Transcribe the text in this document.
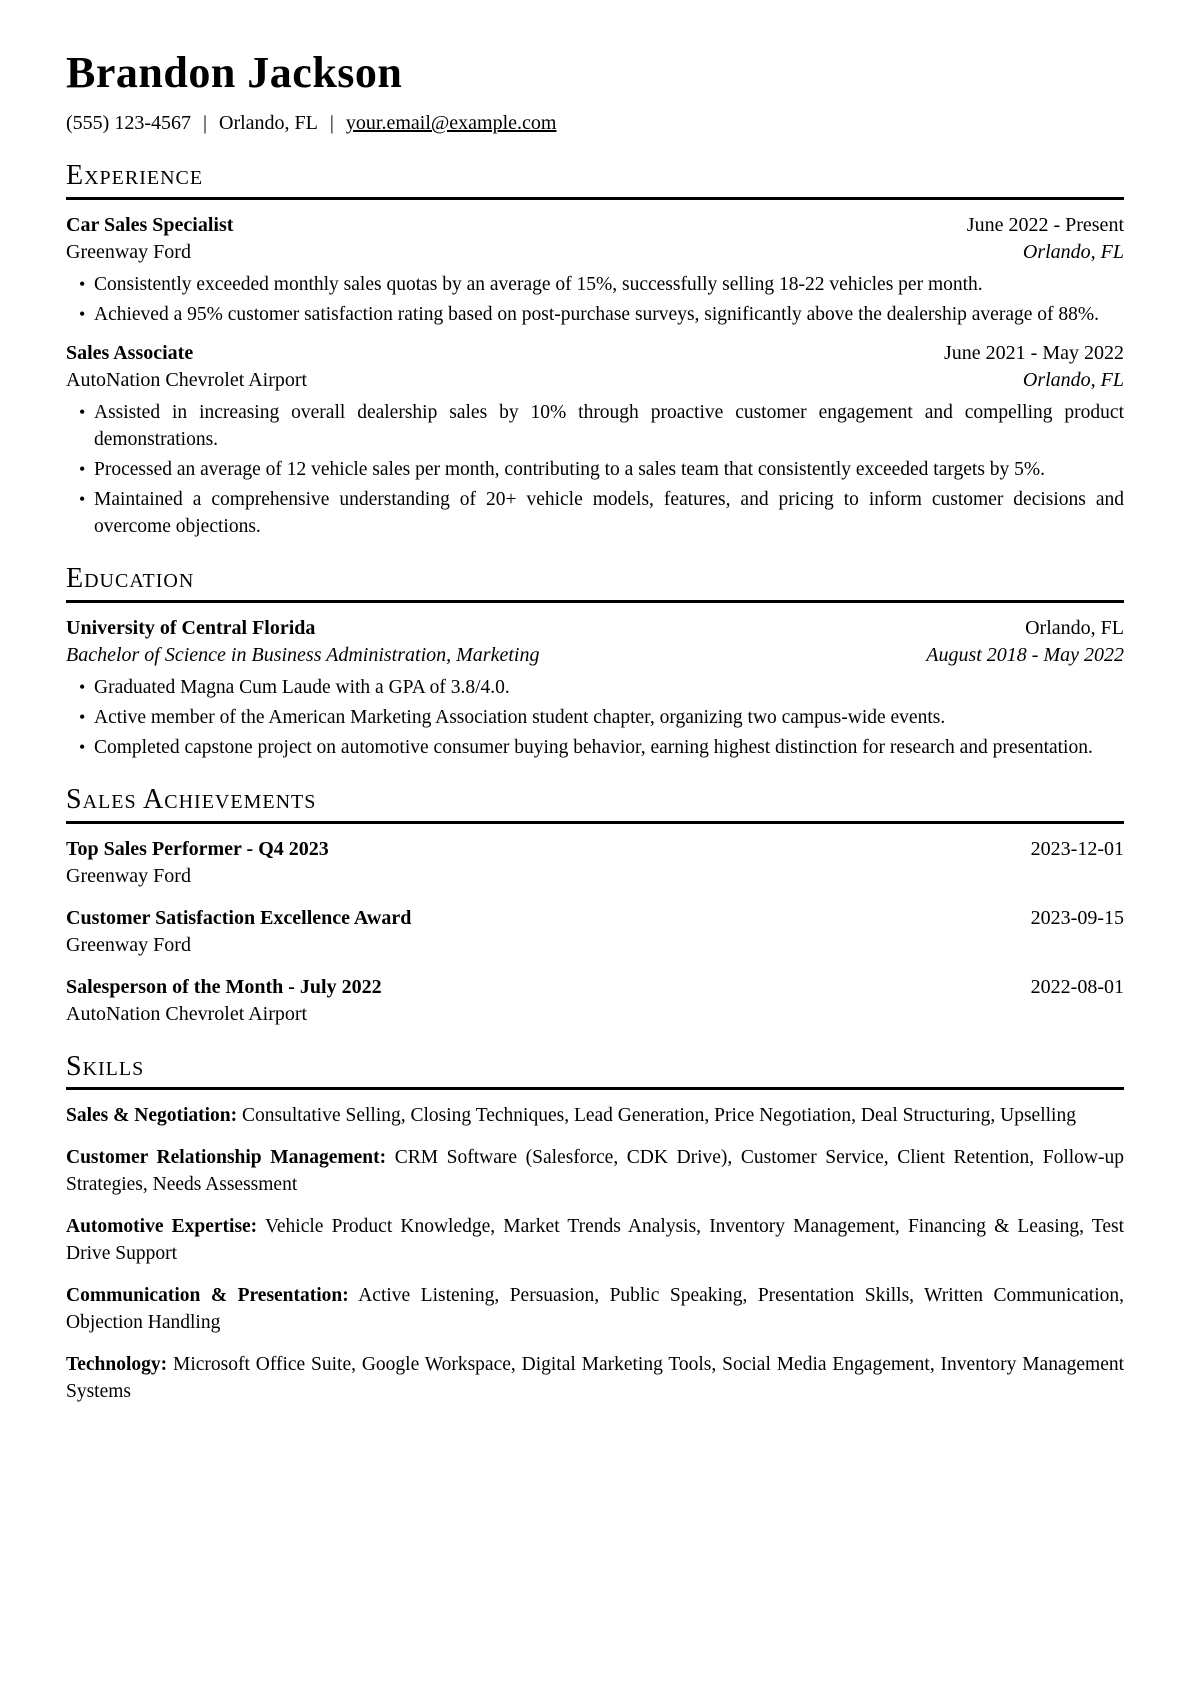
Brandon Jackson
(555) 123-4567 | Orlando, FL | your.email@example.com
Experience
Car Sales Specialist	June 2022 - Present
Greenway Ford	Orlando, FL
• Consistently exceeded monthly sales quotas by an average of 15%, successfully selling 18-22 vehicles per month.
• Achieved a 95% customer satisfaction rating based on post-purchase surveys, significantly above the dealership average of 88%.
Sales Associate	June 2021 - May 2022
AutoNation Chevrolet Airport	Orlando, FL
• Assisted in increasing overall dealership sales by 10% through proactive customer engagement and compelling product demonstrations.
• Processed an average of 12 vehicle sales per month, contributing to a sales team that consistently exceeded targets by 5%.
• Maintained a comprehensive understanding of 20+ vehicle models, features, and pricing to inform customer decisions and overcome objections.
Education
University of Central Florida	Orlando, FL
Bachelor of Science in Business Administration, Marketing	August 2018 - May 2022
• Graduated Magna Cum Laude with a GPA of 3.8/4.0.
• Active member of the American Marketing Association student chapter, organizing two campus-wide events.
• Completed capstone project on automotive consumer buying behavior, earning highest distinction for research and presentation.
Sales Achievements
Top Sales Performer - Q4 2023	2023-12-01
Greenway Ford
Customer Satisfaction Excellence Award	2023-09-15
Greenway Ford
Salesperson of the Month - July 2022	2022-08-01
AutoNation Chevrolet Airport
Skills

Sales & Negotiation: Consultative Selling, Closing Techniques, Lead Generation, Price Negotiation, Deal Structuring, Upselling

Customer Relationship Management: CRM Software (Salesforce, CDK Drive), Customer Service, Client Retention, Follow-up Strategies, Needs Assessment

Automotive Expertise: Vehicle Product Knowledge, Market Trends Analysis, Inventory Management, Financing & Leasing, Test Drive Support

Communication & Presentation: Active Listening, Persuasion, Public Speaking, Presentation Skills, Written Communication, Objection Handling

Technology: Microsoft Office Suite, Google Workspace, Digital Marketing Tools, Social Media Engagement, Inventory Management Systems
